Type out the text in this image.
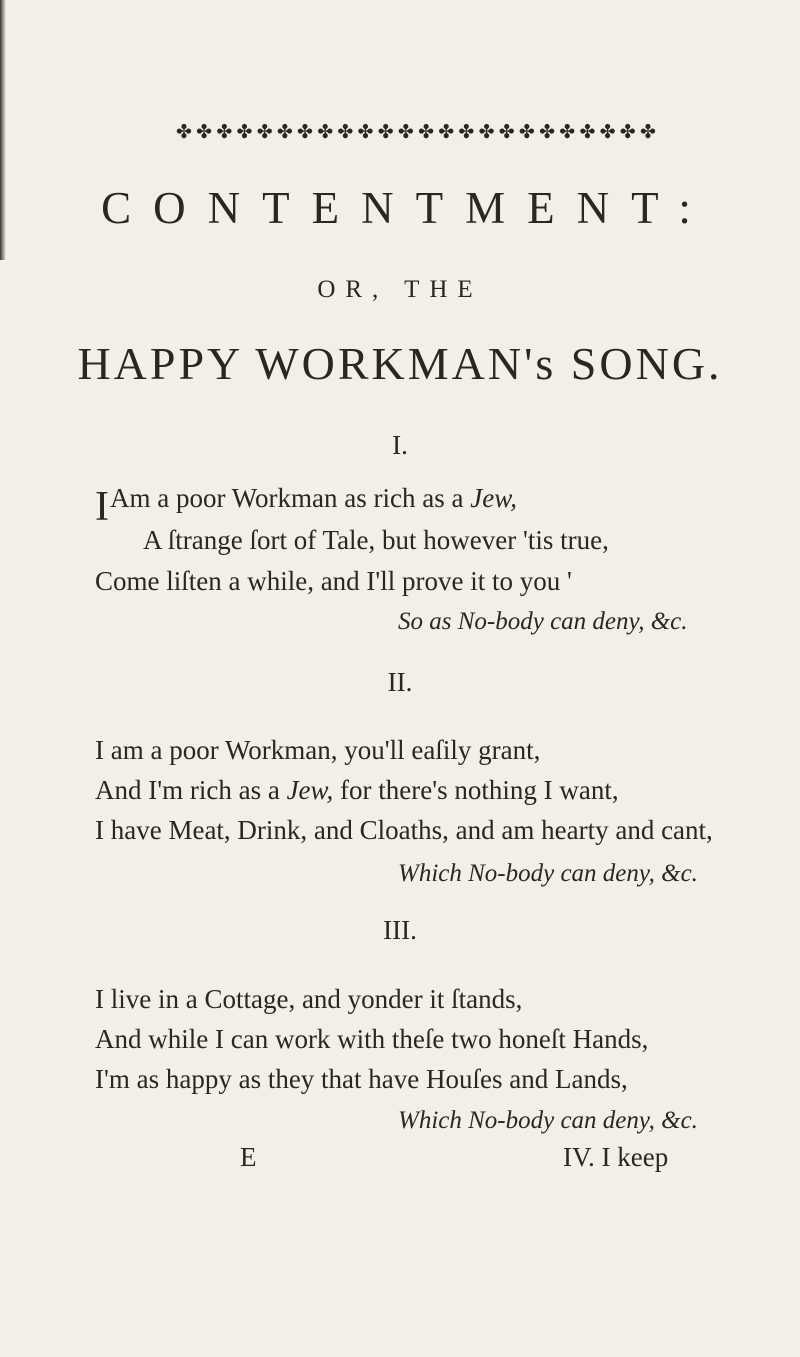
✤ ✤ ✤ ✤ ✤ ✤ ✤ ✤ ✤ ✤ ✤ ✤ ✤ ✤ ✤ ✤ ✤ ✤ ✤ ✤ ✤ ✤ ✤ ✤
CONTENTMENT:
OR, THE
HAPPY WORKMAN's SONG.
I.
IAm a poor Workman as rich as a Jew,
A ſtrange ſort of Tale, but however 'tis true,
Come liſten a while, and I'll prove it to you '
So as No-body can deny, &c.
II.
I am a poor Workman, you'll eaſily grant,
And I'm rich as a Jew, for there's nothing I want,
I have Meat, Drink, and Cloaths, and am hearty and cant,
Which No-body can deny, &c.
III.
I live in a Cottage, and yonder it ſtands,
And while I can work with theſe two honeſt Hands,
I'm as happy as they that have Houſes and Lands,
Which No-body can deny, &c.
E	IV. I keep
